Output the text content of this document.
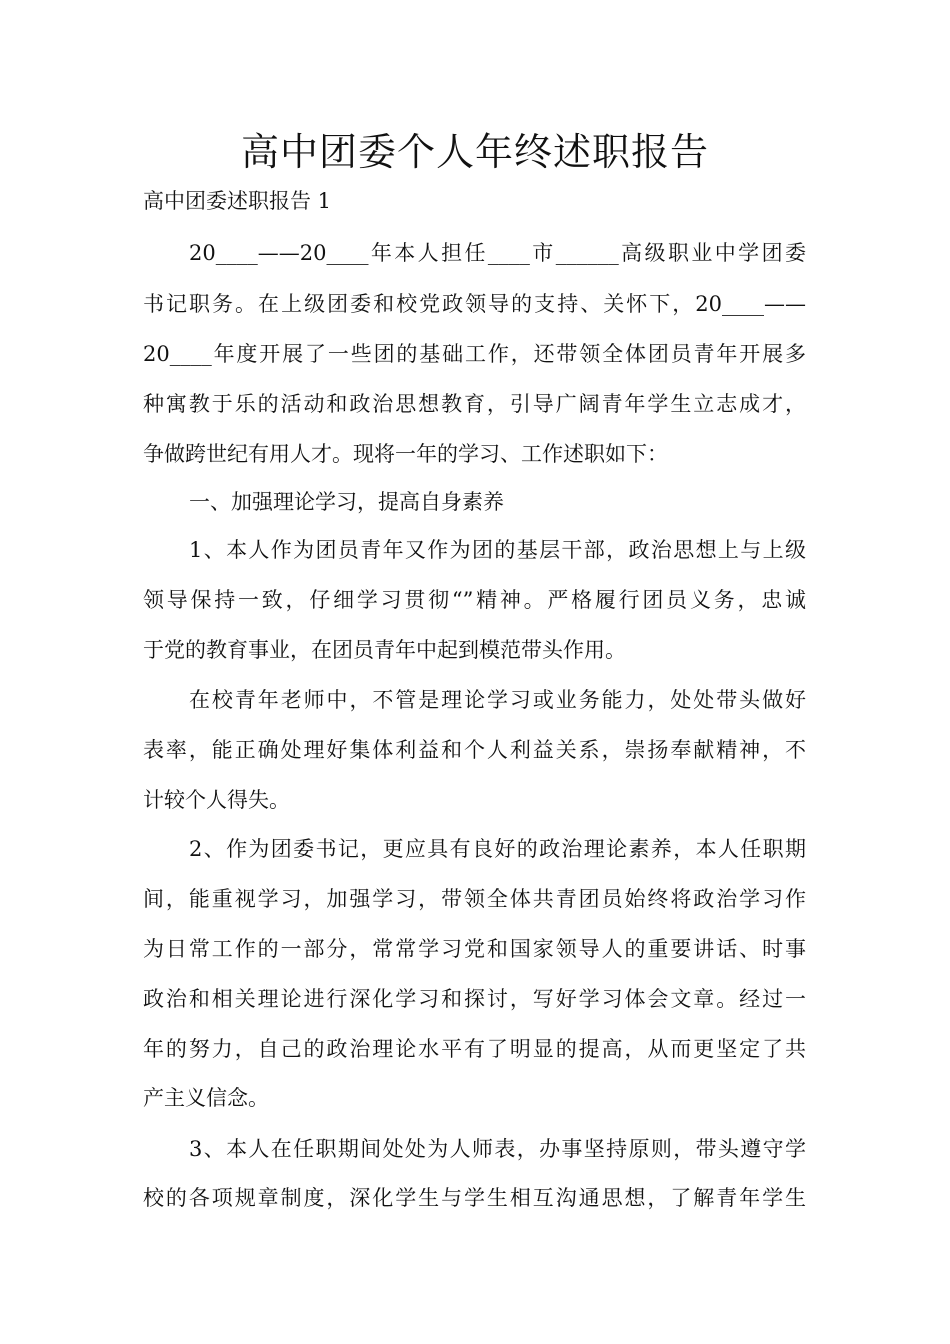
高中团委个人年终述职报告
高中团委述职报告 1
20____——20____年本人担任____市______高级职业中学团委
书记职务。在上级团委和校党政领导的支持、关怀下，20____——
20____年度开展了一些团的基础工作，还带领全体团员青年开展多
种寓教于乐的活动和政治思想教育，引导广阔青年学生立志成才，
争做跨世纪有用人才。现将一年的学习、工作述职如下：
一、加强理论学习，提高自身素养
1、本人作为团员青年又作为团的基层干部，政治思想上与上级
领导保持一致，仔细学习贯彻“”精神。严格履行团员义务，忠诚
于党的教育事业，在团员青年中起到模范带头作用。
在校青年老师中，不管是理论学习或业务能力，处处带头做好
表率，能正确处理好集体利益和个人利益关系，崇扬奉献精神，不
计较个人得失。
2、作为团委书记，更应具有良好的政治理论素养，本人任职期
间，能重视学习，加强学习，带领全体共青团员始终将政治学习作
为日常工作的一部分，常常学习党和国家领导人的重要讲话、时事
政治和相关理论进行深化学习和探讨，写好学习体会文章。经过一
年的努力，自己的政治理论水平有了明显的提高，从而更坚定了共
产主义信念。
3、本人在任职期间处处为人师表，办事坚持原则，带头遵守学
校的各项规章制度，深化学生与学生相互沟通思想，了解青年学生
